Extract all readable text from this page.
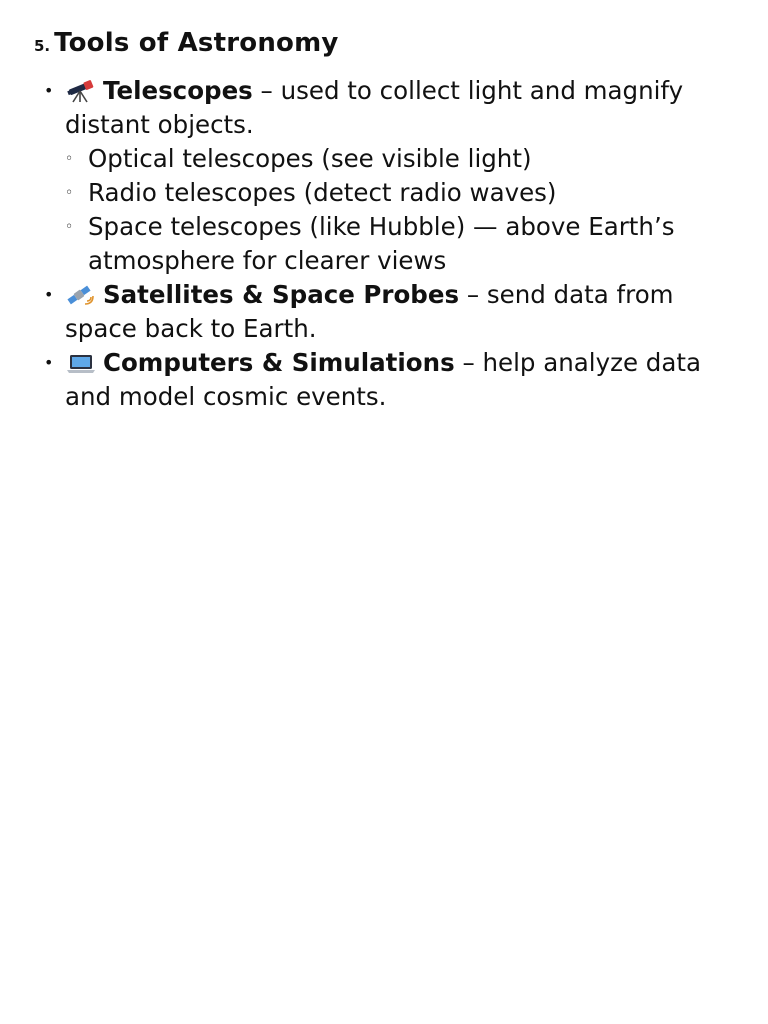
5. Tools of Astronomy
• Telescopes – used to collect light and magnify distant objects.
◦ Optical telescopes (see visible light)
◦ Radio telescopes (detect radio waves)
◦ Space telescopes (like Hubble) — above Earth’s atmosphere for clearer views
• Satellites & Space Probes – send data from space back to Earth.
• Computers & Simulations – help analyze data and model cosmic events.
